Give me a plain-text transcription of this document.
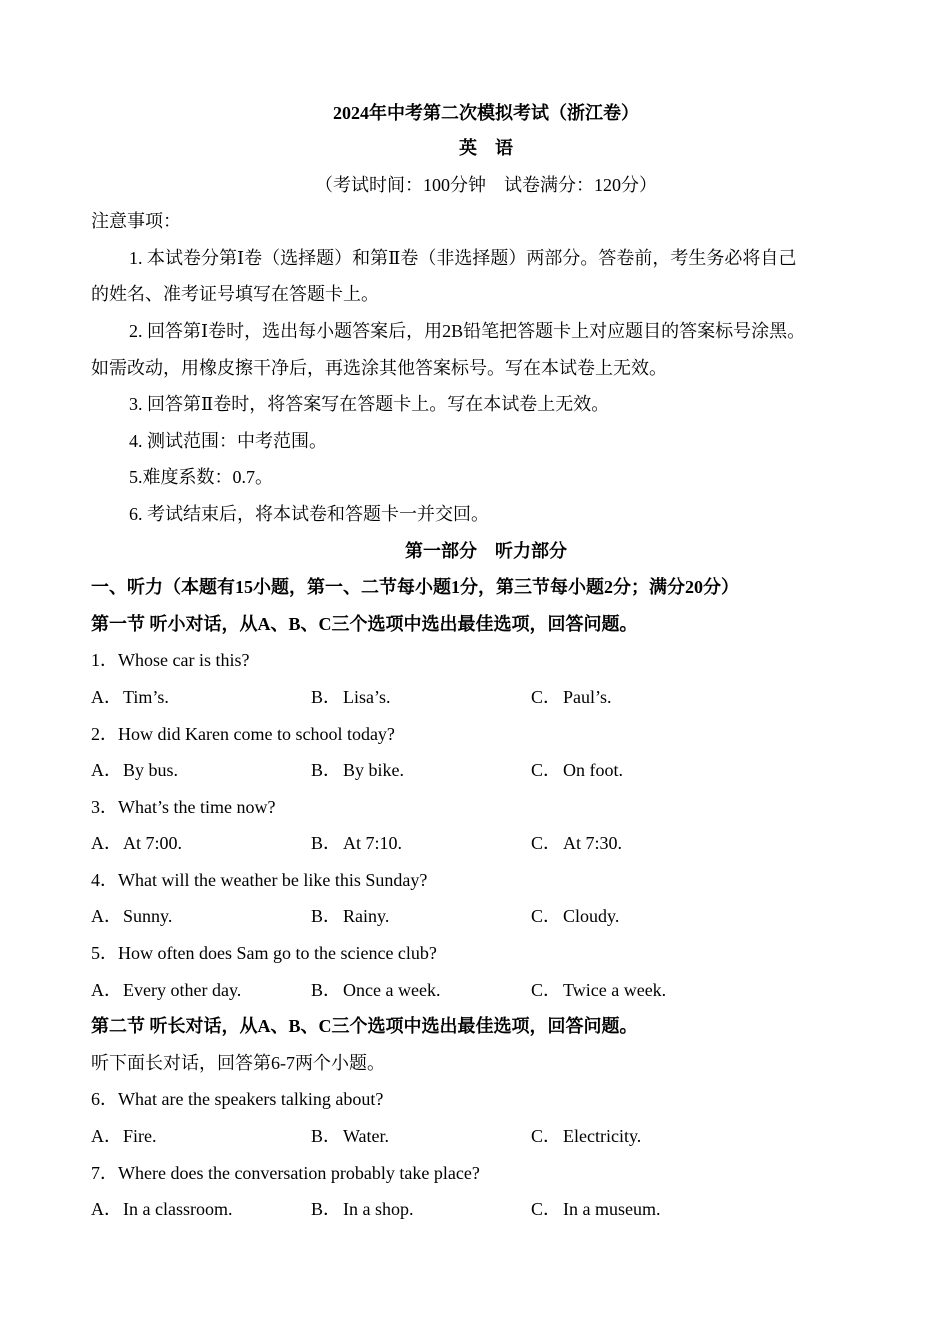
2024年中考第二次模拟考试（浙江卷）
英　语
（考试时间：100分钟　试卷满分：120分）
注意事项：
1. 本试卷分第Ⅰ卷（选择题）和第Ⅱ卷（非选择题）两部分。答卷前，考生务必将自己
的姓名、准考证号填写在答题卡上。
2. 回答第Ⅰ卷时，选出每小题答案后，用2B铅笔把答题卡上对应题目的答案标号涂黑。
如需改动，用橡皮擦干净后，再选涂其他答案标号。写在本试卷上无效。
3. 回答第Ⅱ卷时，将答案写在答题卡上。写在本试卷上无效。
4. 测试范围：中考范围。
5.难度系数：0.7。
6. 考试结束后，将本试卷和答题卡一并交回。
第一部分　听力部分
一、听力（本题有15小题，第一、二节每小题1分，第三节每小题2分；满分20分）
第一节 听小对话，从A、B、C三个选项中选出最佳选项，回答问题。
1．Whose car is this?
A．Tim’s.	B． Lisa’s.	C． Paul’s.
2．How did Karen come to school today?
A．By bus.	B． By bike.	C． On foot.
3．What’s the time now?
A．At 7:00.	B． At 7:10.	C． At 7:30.
4．What will the weather be like this Sunday?
A．Sunny.	B． Rainy.	C． Cloudy.
5．How often does Sam go to the science club?
A．Every other day.	B． Once a week.	C． Twice a week.
第二节 听长对话，从A、B、C三个选项中选出最佳选项，回答问题。
听下面长对话，回答第6-7两个小题。
6．What are the speakers talking about?
A．Fire.	B． Water.	C． Electricity.
7．Where does the conversation probably take place?
A．In a classroom.	B． In a shop.	C． In a museum.
